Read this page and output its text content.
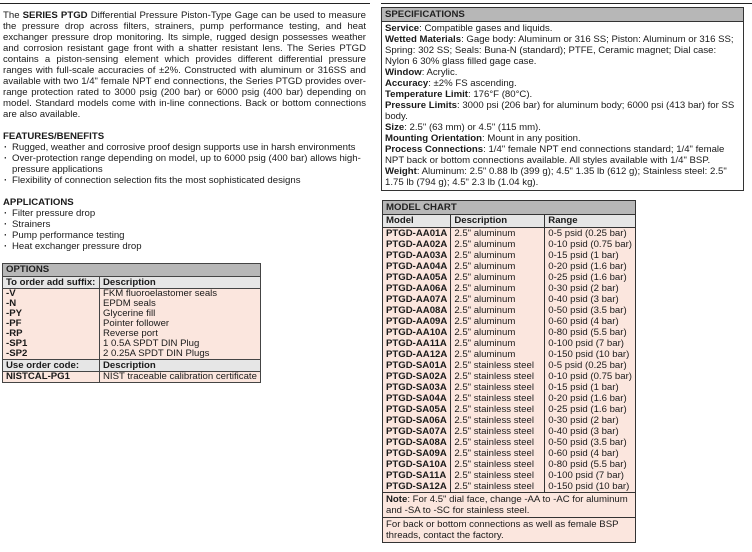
The SERIES PTGD Differential Pressure Piston-Type Gage can be used to measure the pressure drop across filters, strainers, pump performance testing, and heat exchanger pressure drop monitoring. Its simple, rugged design possesses weather and corrosion resistant gage front with a shatter resistant lens. The Series PTGD contains a piston-sensing element which provides different differential pressure ranges with full-scale accuracies of ±2%. Constructed with aluminum or 316SS and available with two 1/4" female NPT end connections, the Series PTGD provides over-range protection rated to 3000 psig (200 bar) or 6000 psig (400 bar) depending on model. Standard models come with in-line connections. Back or bottom connections are also available.

FEATURES/BENEFITS

· Rugged, weather and corrosive proof design supports use in harsh environments
· Over-protection range depending on model, up to 6000 psig (400 bar) allows high-pressure applications
· Flexibility of connection selection fits the most sophisticated designs

APPLICATIONS

· Filter pressure drop
· Strainers
· Pump performance testing
· Heat exchanger pressure drop
OPTIONS	
To order add suffix:	Description
-V	FKM fluoroelastomer seals
-N	EPDM seals
-PY	Glycerine fill
-PF	Pointer follower
-RP	Reverse port
-SP1	1 0.5A SPDT DIN Plug
-SP2	2 0.25A SPDT DIN Plugs
Use order code:	Description
NISTCAL-PG1	NIST traceable calibration certificate
SPECIFICATIONS

Service: Compatible gases and liquids.

Wetted Materials: Gage body: Aluminum or 316 SS; Piston: Aluminum or 316 SS; Spring: 302 SS; Seals: Buna-N (standard); PTFE, Ceramic magnet; Dial case: Nylon 6 30% glass filled gage case.

Window: Acrylic.

Accuracy: ±2% FS ascending.

Temperature Limit: 176°F (80°C).

Pressure Limits: 3000 psi (206 bar) for aluminum body; 6000 psi (413 bar) for SS body.

Size: 2.5" (63 mm) or 4.5" (115 mm).

Mounting Orientation: Mount in any position.

Process Connections: 1/4" female NPT end connections standard; 1/4" female NPT back or bottom connections available. All styles available with 1/4" BSP.

Weight: Aluminum: 2.5" 0.88 lb (399 g); 4.5" 1.35 lb (612 g); Stainless steel: 2.5" 1.75 lb (794 g); 4.5" 2.3 lb (1.04 kg).

MODEL CHART
Model	Description	Range
PTGD-AA01A	2.5" aluminum	0-5 psid (0.25 bar)
PTGD-AA02A	2.5" aluminum	0-10 psid (0.75 bar)
PTGD-AA03A	2.5" aluminum	0-15 psid (1 bar)
PTGD-AA04A	2.5" aluminum	0-20 psid (1.6 bar)
PTGD-AA05A	2.5" aluminum	0-25 psid (1.6 bar)
PTGD-AA06A	2.5" aluminum	0-30 psid (2 bar)
PTGD-AA07A	2.5" aluminum	0-40 psid (3 bar)
PTGD-AA08A	2.5" aluminum	0-50 psid (3.5 bar)
PTGD-AA09A	2.5" aluminum	0-60 psid (4 bar)
PTGD-AA10A	2.5" aluminum	0-80 psid (5.5 bar)
PTGD-AA11A	2.5" aluminum	0-100 psid (7 bar)
PTGD-AA12A	2.5" aluminum	0-150 psid (10 bar)
PTGD-SA01A	2.5" stainless steel	0-5 psid (0.25 bar)
PTGD-SA02A	2.5" stainless steel	0-10 psid (0.75 bar)
PTGD-SA03A	2.5" stainless steel	0-15 psid (1 bar)
PTGD-SA04A	2.5" stainless steel	0-20 psid (1.6 bar)
PTGD-SA05A	2.5" stainless steel	0-25 psid (1.6 bar)
PTGD-SA06A	2.5" stainless steel	0-30 psid (2 bar)
PTGD-SA07A	2.5" stainless steel	0-40 psid (3 bar)
PTGD-SA08A	2.5" stainless steel	0-50 psid (3.5 bar)
PTGD-SA09A	2.5" stainless steel	0-60 psid (4 bar)
PTGD-SA10A	2.5" stainless steel	0-80 psid (5.5 bar)
PTGD-SA11A	2.5" stainless steel	0-100 psid (7 bar)
PTGD-SA12A	2.5" stainless steel	0-150 psid (10 bar)
Note: For 4.5" dial face, change -AA to -AC for aluminum and -SA to -SC for stainless steel.
For back or bottom connections as well as female BSP threads, contact the factory.
